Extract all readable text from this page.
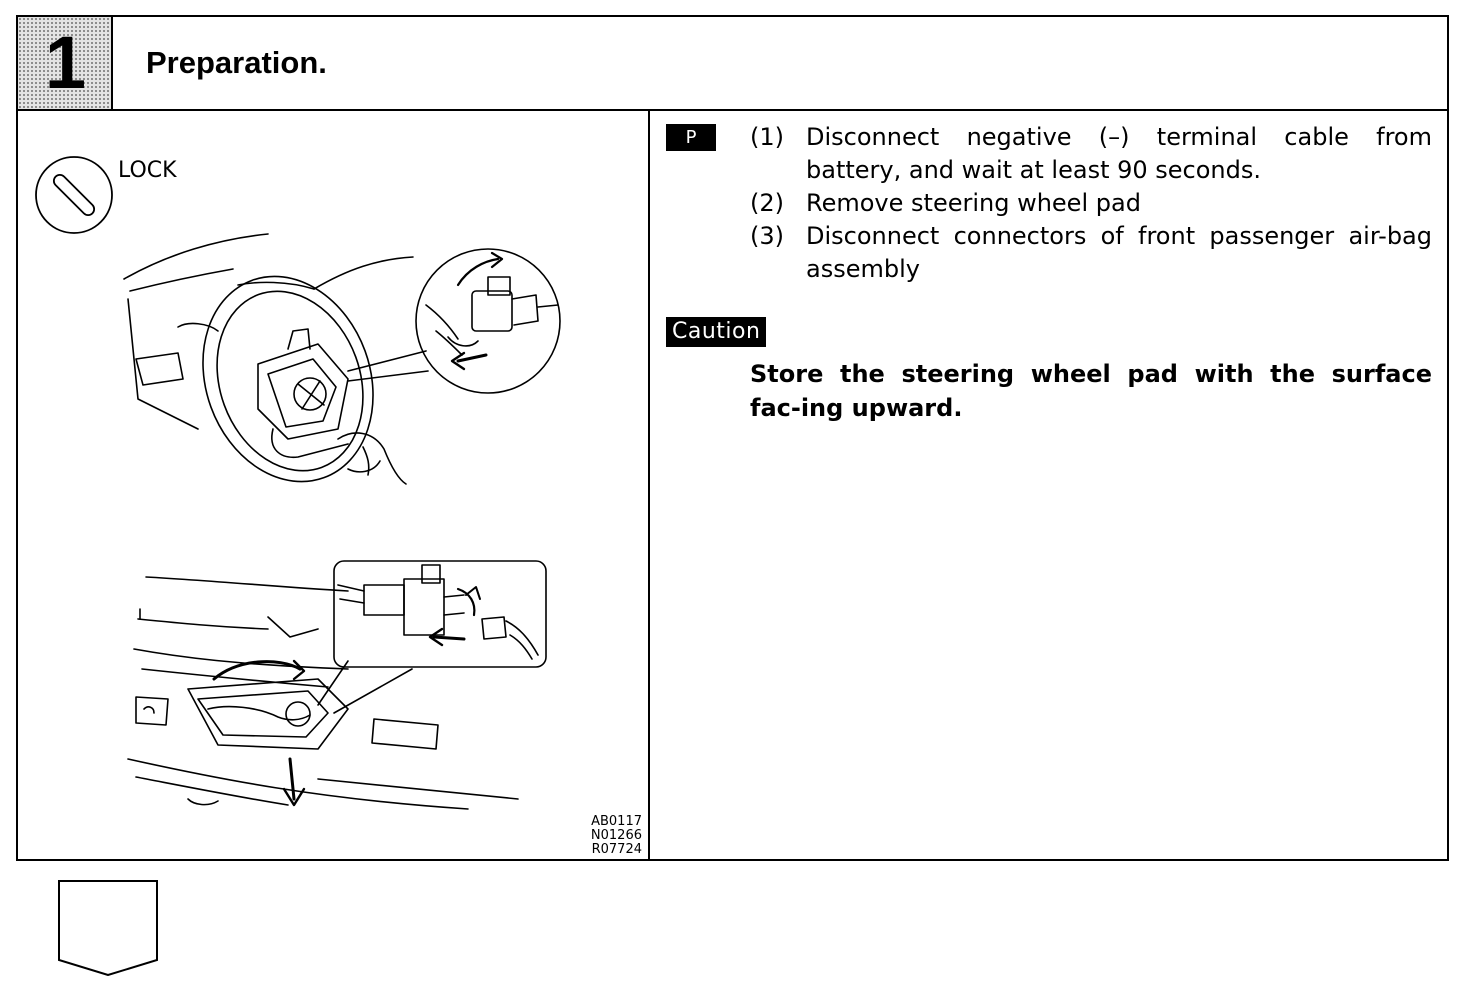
1	Preparation.
LOCK
AB0117
N01266
R07724
P	(1) Disconnect negative (–) terminal cable from battery, and wait at least 90 seconds.
(2) Remove steering wheel pad
(3) Disconnect connectors of front passenger air-bag assembly
Caution
Store the steering wheel pad with the surface fac-ing upward.
